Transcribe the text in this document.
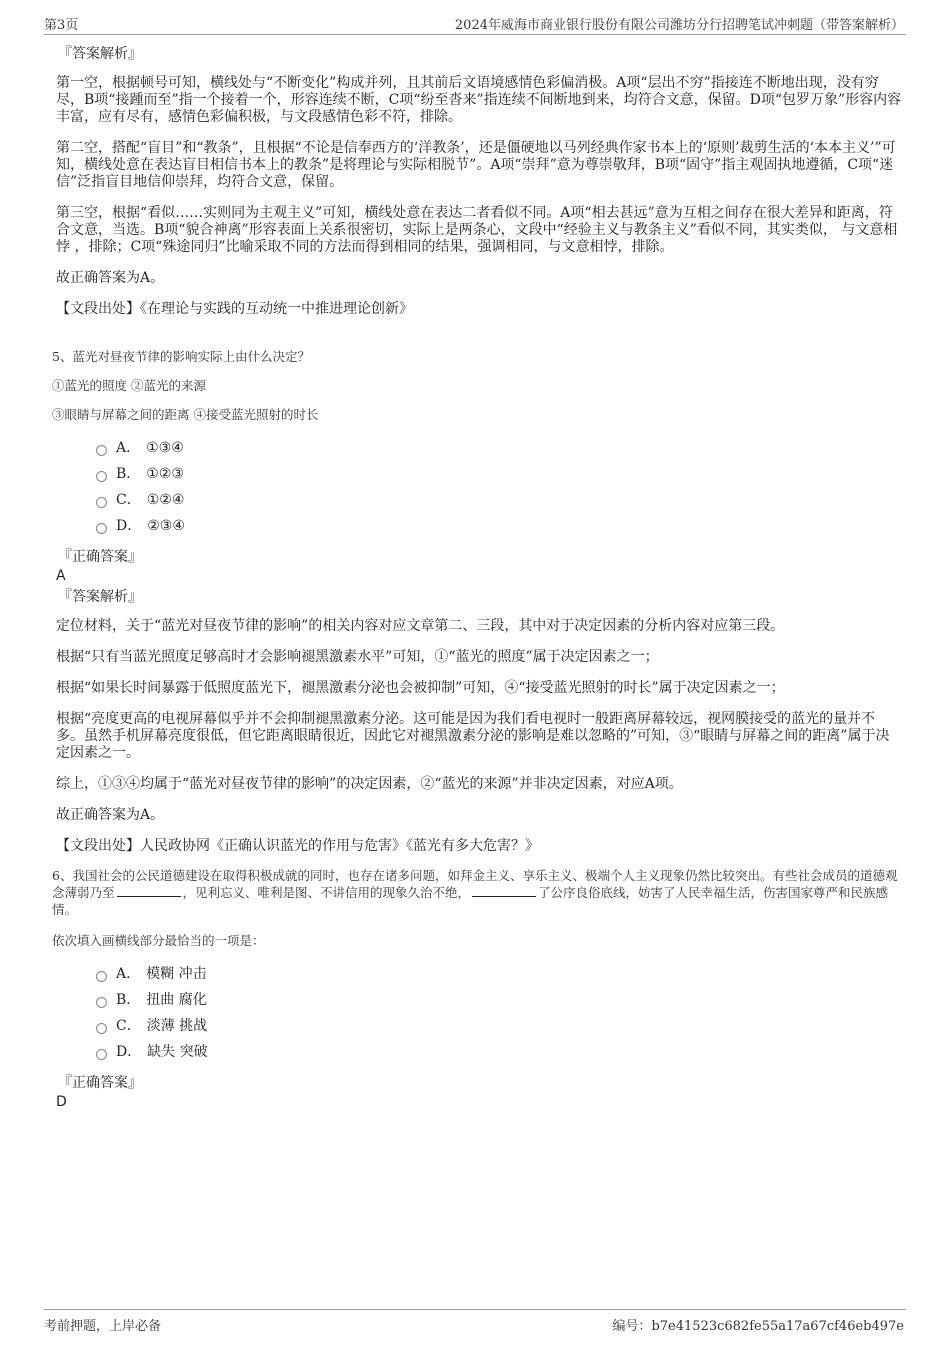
第3页	2024年威海市商业银行股份有限公司潍坊分行招聘笔试冲刺题（带答案解析）
『答案解析』

第一空，根据顿号可知，横线处与“不断变化”构成并列，且其前后文语境感情色彩偏消极。A项“层出不穷”指接连不断地出现，没有穷尽，B项“接踵而至”指一个接着一个，形容连续不断，C项“纷至沓来”指连续不间断地到来，均符合文意，保留。D项“包罗万象”形容内容丰富，应有尽有，感情色彩偏积极，与文段感情色彩不符，排除。

第二空，搭配“盲目”和“教条”，且根据“不论是信奉西方的‘洋教条’，还是僵硬地以马列经典作家书本上的‘原则’裁剪生活的‘本本主义’”可知，横线处意在表达盲目相信书本上的教条”是将理论与实际相脱节”。A项“崇拜”意为尊崇敬拜，B项“固守”指主观固执地遵循，C项“迷信”泛指盲目地信仰崇拜，均符合文意，保留。

第三空，根据“看似……实则同为主观主义”可知，横线处意在表达二者看似不同。A项“相去甚远”意为互相之间存在很大差异和距离，符合文意，当选。B项“貌合神离”形容表面上关系很密切，实际上是两条心，文段中“经验主义与教条主义”看似不同，其实类似， 与文意相悖 ，排除；C项“殊途同归”比喻采取不同的方法而得到相同的结果，强调相同，与文意相悖，排除。

故正确答案为A。

【文段出处】《在理论与实践的互动统一中推进理论创新》

5、蓝光对昼夜节律的影响实际上由什么决定？
①蓝光的照度 ②蓝光的来源
③眼睛与屏幕之间的距离 ④接受蓝光照射的时长
A． ①③④
B． ①②③
C． ①②④
D． ②③④
『正确答案』
A
『答案解析』

定位材料，关于“蓝光对昼夜节律的影响”的相关内容对应文章第二、三段，其中对于决定因素的分析内容对应第三段。

根据“只有当蓝光照度足够高时才会影响褪黑激素水平”可知，①“蓝光的照度”属于决定因素之一；

根据“如果长时间暴露于低照度蓝光下，褪黑激素分泌也会被抑制”可知，④“接受蓝光照射的时长”属于决定因素之一；

根据“亮度更高的电视屏幕似乎并不会抑制褪黑激素分泌。这可能是因为我们看电视时一般距离屏幕较远，视网膜接受的蓝光的量并不多。虽然手机屏幕亮度很低，但它距离眼睛很近，因此它对褪黑激素分泌的影响是难以忽略的”可知，③“眼睛与屏幕之间的距离”属于决定因素之一。

综上，①③④均属于“蓝光对昼夜节律的影响”的决定因素，②“蓝光的来源”并非决定因素，对应A项。

故正确答案为A。

【文段出处】人民政协网《正确认识蓝光的作用与危害》《蓝光有多大危害？》

6、我国社会的公民道德建设在取得积极成就的同时，也存在诸多问题，如拜金主义、享乐主义、极端个人主义现象仍然比较突出。有些社会成员的道德观念薄弱乃至	，见利忘义、唯利是图、不讲信用的现象久治不绝，	了公序良俗底线，妨害了人民幸福生活，伤害国家尊严和民族感情。
依次填入画横线部分最恰当的一项是：
A． 模糊 冲击
B． 扭曲 腐化
C． 淡薄 挑战
D． 缺失 突破
『正确答案』
D
考前押题，上岸必备	编号：b7e41523c682fe55a17a67cf46eb497e
